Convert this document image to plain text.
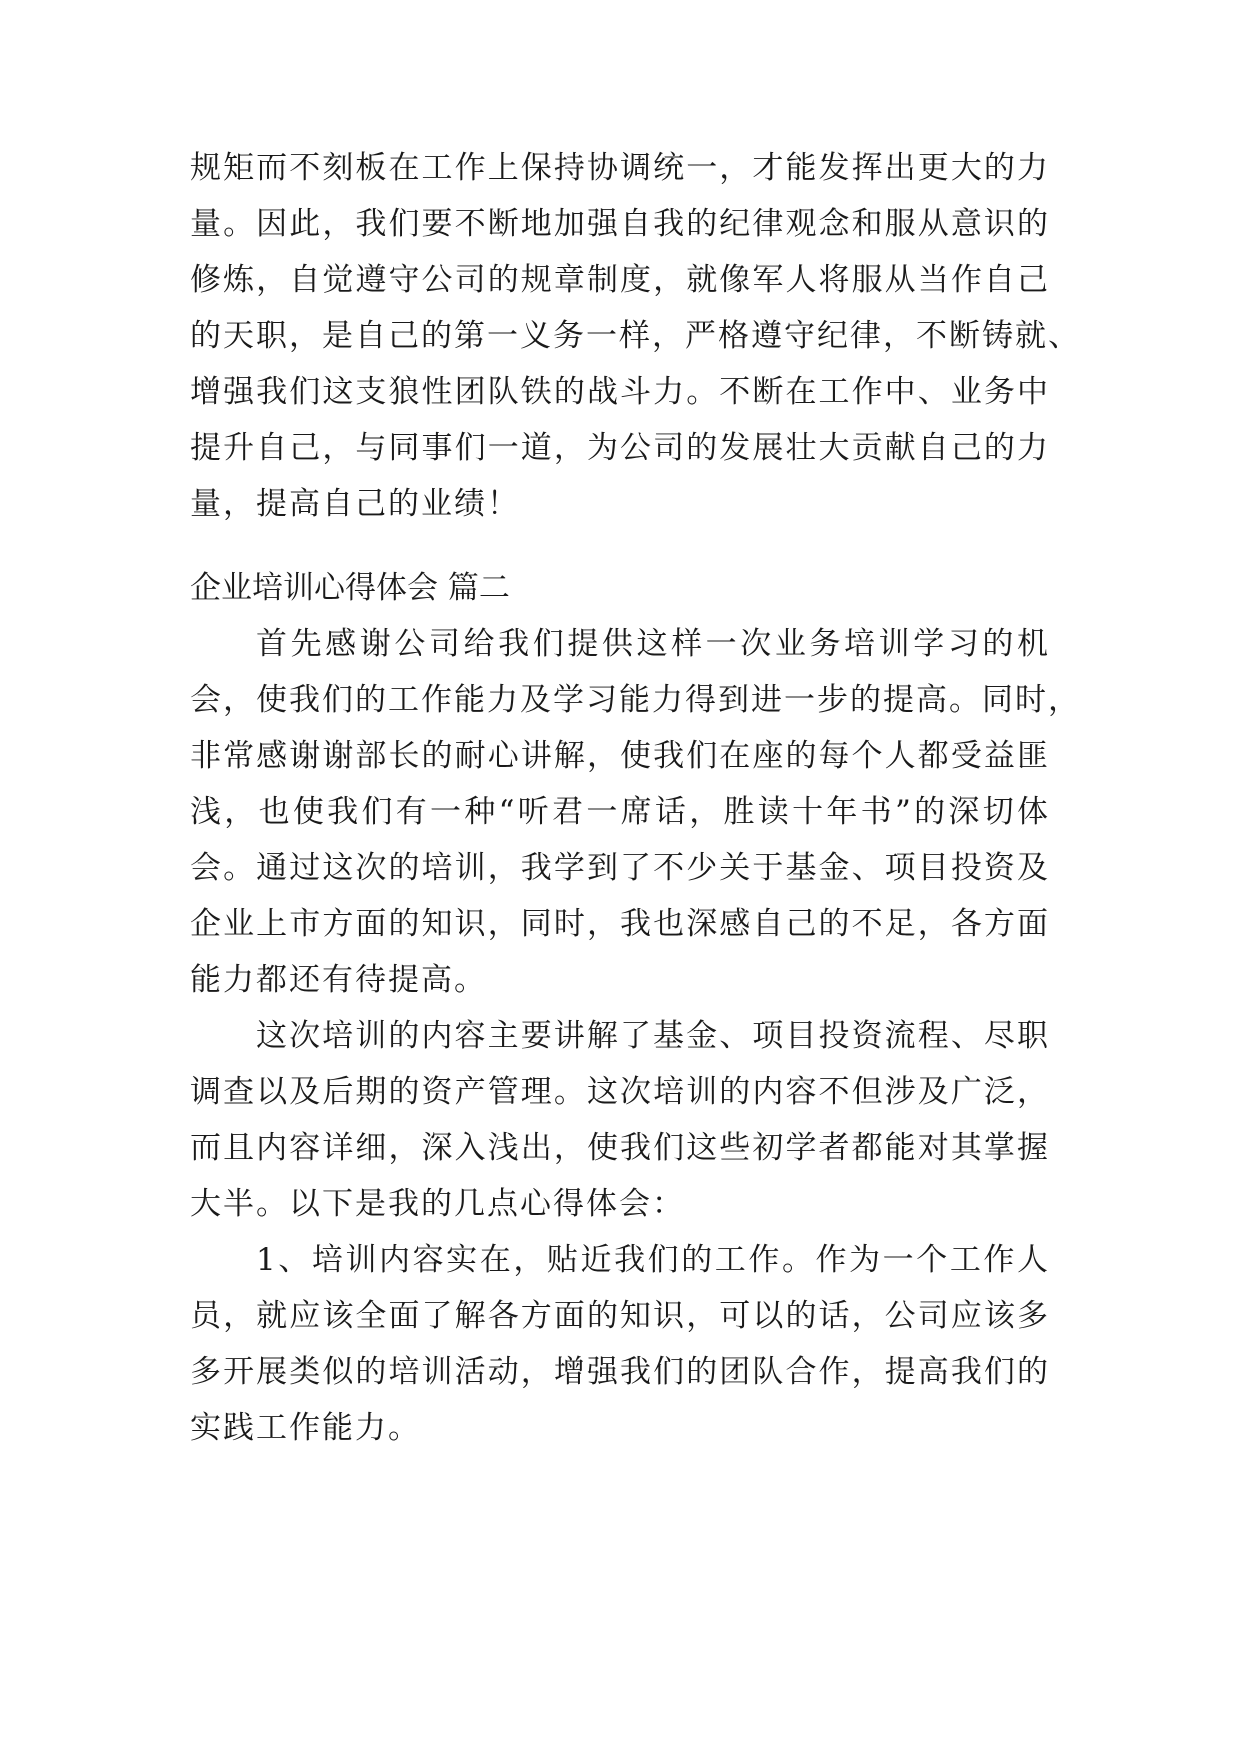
规矩而不刻板在工作上保持协调统一，才能发挥出更大的力
量。因此，我们要不断地加强自我的纪律观念和服从意识的
修炼，自觉遵守公司的规章制度，就像军人将服从当作自己
的天职，是自己的第一义务一样，严格遵守纪律，不断铸就、
增强我们这支狼性团队铁的战斗力。不断在工作中、业务中
提升自己，与同事们一道，为公司的发展壮大贡献自己的力
量，提高自己的业绩！
企业培训心得体会 篇二
首先感谢公司给我们提供这样一次业务培训学习的机
会，使我们的工作能力及学习能力得到进一步的提高。同时，
非常感谢谢部长的耐心讲解，使我们在座的每个人都受益匪
浅，也使我们有一种“听君一席话，胜读十年书”的深切体
会。通过这次的培训，我学到了不少关于基金、项目投资及
企业上市方面的知识，同时，我也深感自己的不足，各方面
能力都还有待提高。
这次培训的内容主要讲解了基金、项目投资流程、尽职
调查以及后期的资产管理。这次培训的内容不但涉及广泛，
而且内容详细，深入浅出，使我们这些初学者都能对其掌握
大半。以下是我的几点心得体会：
1、培训内容实在，贴近我们的工作。作为一个工作人
员，就应该全面了解各方面的知识，可以的话，公司应该多
多开展类似的培训活动，增强我们的团队合作，提高我们的
实践工作能力。
